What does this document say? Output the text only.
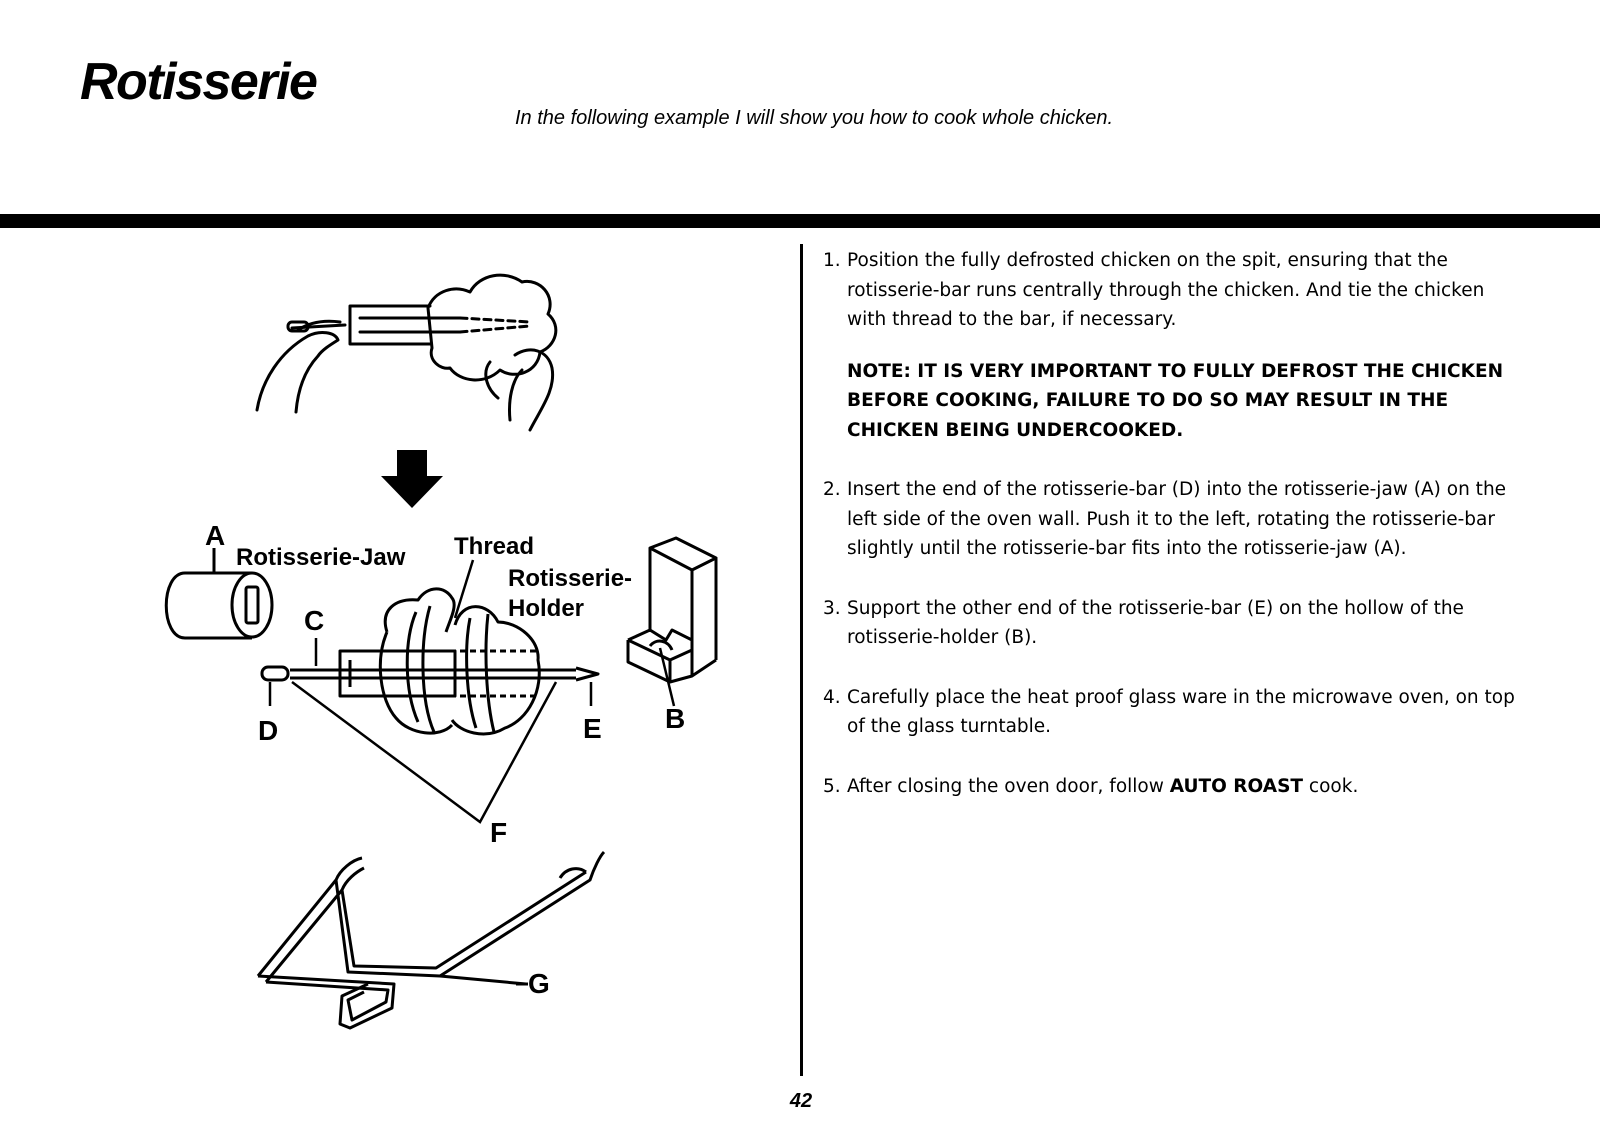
Rotisserie

In the following example I will show you how to cook whole chicken.

A
Rotisserie-Jaw Thread
Rotisserie-
Holder
C
D	E B
F
G
1. Position the fully defrosted chicken on the spit, ensuring that the rotisserie-bar runs centrally through the chicken. And tie the chicken with thread to the bar, if necessary.
NOTE: IT IS VERY IMPORTANT TO FULLY DEFROST THE CHICKEN BEFORE COOKING, FAILURE TO DO SO MAY RESULT IN THE CHICKEN BEING UNDERCOOKED.
2. Insert the end of the rotisserie-bar (D) into the rotisserie-jaw (A) on the left side of the oven wall. Push it to the left, rotating the rotisserie-bar slightly until the rotisserie-bar fits into the rotisserie-jaw (A).
3. Support the other end of the rotisserie-bar (E) on the hollow of the rotisserie-holder (B).
4. Carefully place the heat proof glass ware in the microwave oven, on top of the glass turntable.
5. After closing the oven door, follow AUTO ROAST cook.
42
